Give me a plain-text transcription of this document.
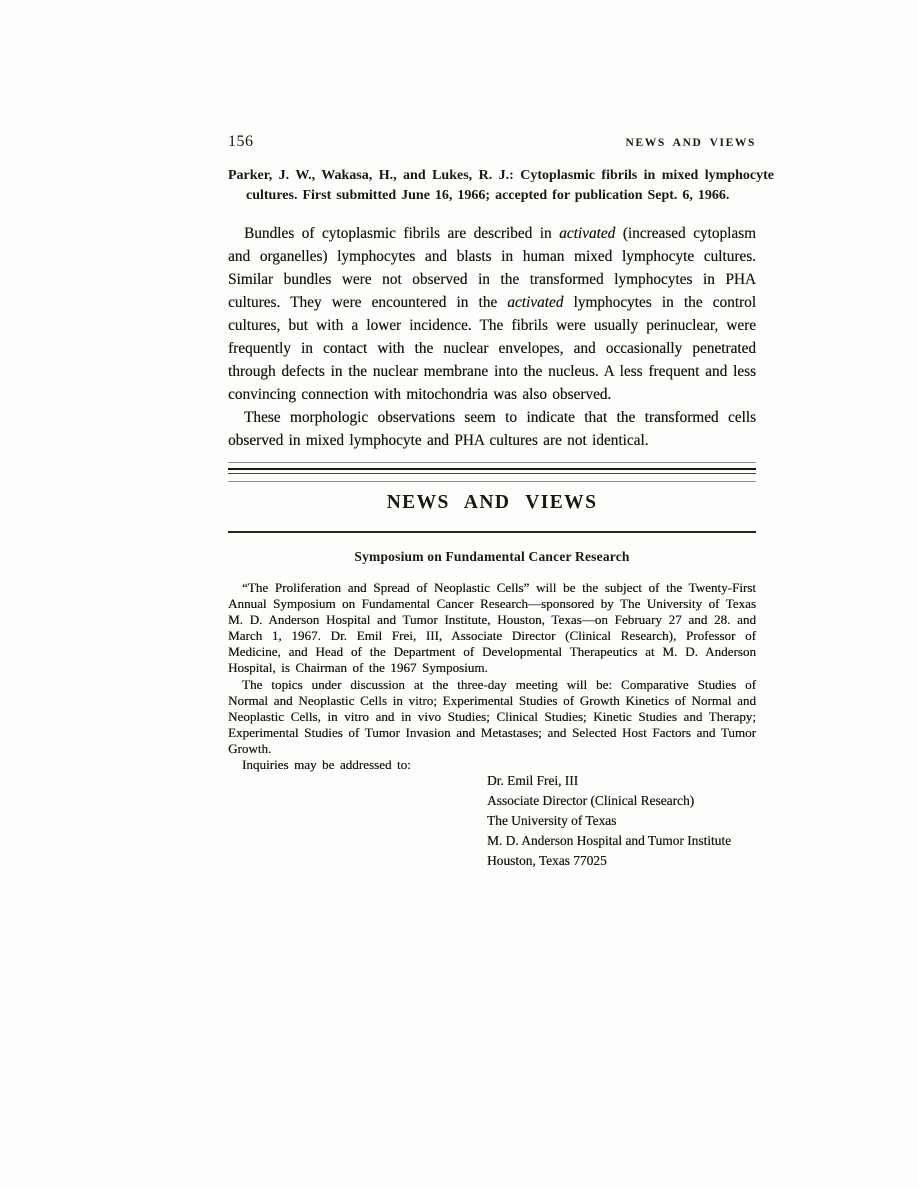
156	NEWS AND VIEWS
Parker, J. W., Wakasa, H., and Lukes, R. J.: Cytoplasmic fibrils in mixed lymphocyte cultures. First submitted June 16, 1966; accepted for publication Sept. 6, 1966.

Bundles of cytoplasmic fibrils are described in activated (increased cytoplasm and organelles) lymphocytes and blasts in human mixed lymphocyte cultures. Similar bundles were not observed in the transformed lymphocytes in PHA cultures. They were encountered in the activated lymphocytes in the control cultures, but with a lower incidence. The fibrils were usually perinuclear, were frequently in contact with the nuclear envelopes, and occasionally penetrated through defects in the nuclear membrane into the nucleus. A less frequent and less convincing connection with mitochondria was also observed.

These morphologic observations seem to indicate that the transformed cells observed in mixed lymphocyte and PHA cultures are not identical.

NEWS AND VIEWS
Symposium on Fundamental Cancer Research

“The Proliferation and Spread of Neoplastic Cells” will be the subject of the Twenty-First Annual Symposium on Fundamental Cancer Research—sponsored by The University of Texas M. D. Anderson Hospital and Tumor Institute, Houston, Texas—on February 27 and 28. and March 1, 1967. Dr. Emil Frei, III, Associate Director (Clinical Research), Professor of Medicine, and Head of the Department of Developmental Therapeutics at M. D. Anderson Hospital, is Chairman of the 1967 Symposium.

The topics under discussion at the three-day meeting will be: Comparative Studies of Normal and Neoplastic Cells in vitro; Experimental Studies of Growth Kinetics of Normal and Neoplastic Cells, in vitro and in vivo Studies; Clinical Studies; Kinetic Studies and Therapy; Experimental Studies of Tumor Invasion and Metastases; and Selected Host Factors and Tumor Growth.

Inquiries may be addressed to:

Dr. Emil Frei, III
Associate Director (Clinical Research)
The University of Texas
M. D. Anderson Hospital and Tumor Institute
Houston, Texas 77025
